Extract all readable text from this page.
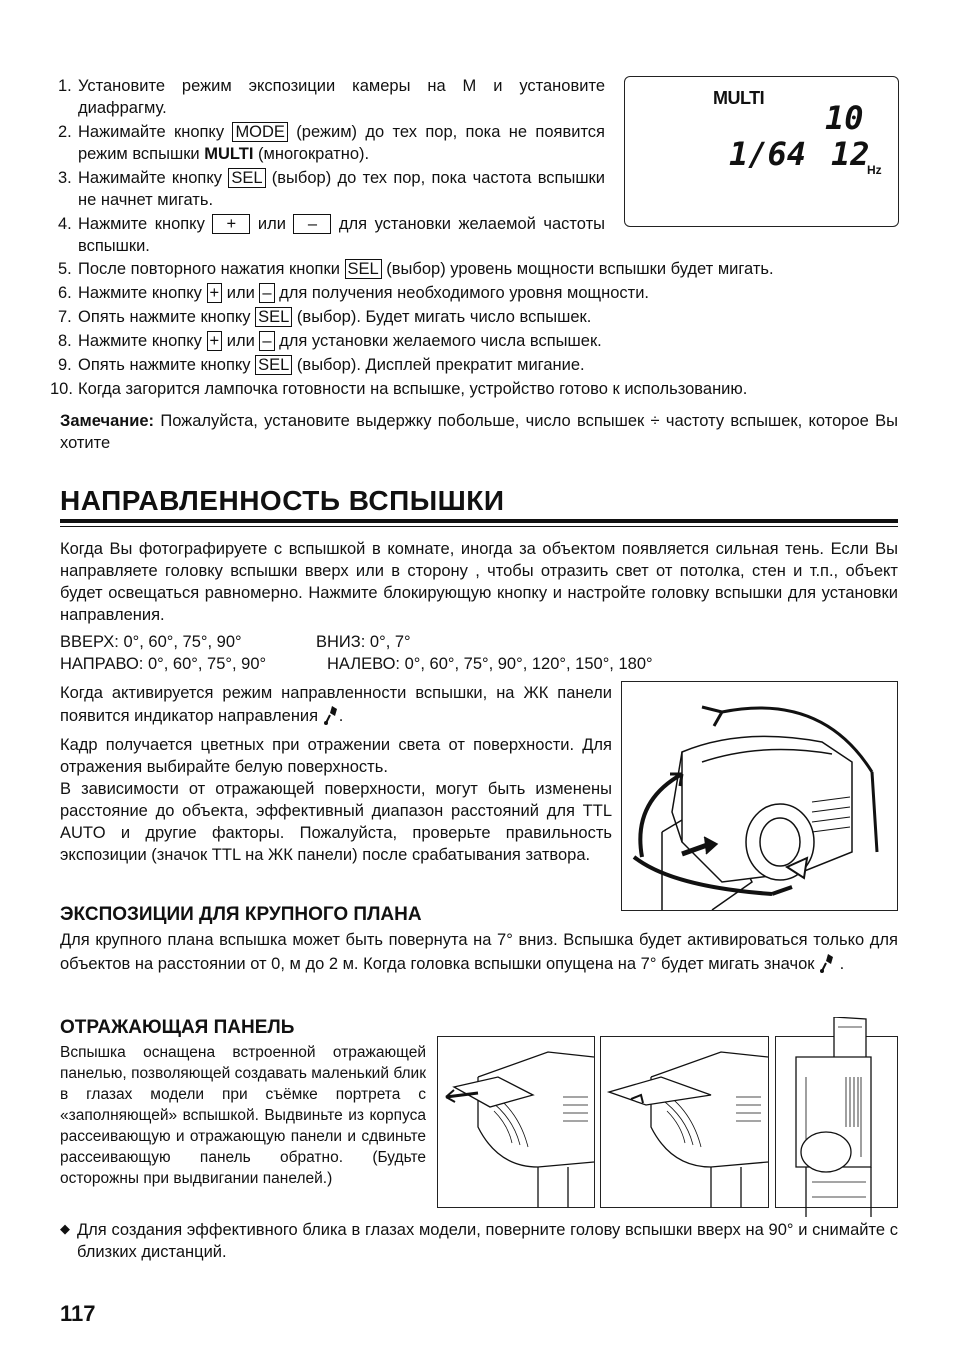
1. Установите режим экспозиции камеры на М и установите диафрагму.
2. Нажимайте кнопку MODE (режим) до тех пор, пока не появится режим вспышки MULTI (многократно).
3. Нажимайте кнопку SEL (выбор) до тех пор, пока частота вспышки не начнет мигать.
4. Нажмите кнопку + или – для установки желаемой частоты вспышки.
MULTI
10
1/64 12
Hz
5. После повторного нажатия кнопки SEL (выбор) уровень мощности вспышки будет мигать.
6. Нажмите кнопку + или – для получения необходимого уровня мощности.
7. Опять нажмите кнопку SEL (выбор). Будет мигать число вспышек.
8. Нажмите кнопку + или – для установки желаемого числа вспышек.
9. Опять нажмите кнопку SEL (выбор). Дисплей прекратит мигание.
10. Когда загорится лампочка готовности на вспышке, устройство готово к использованию.
Замечание: Пожалуйста, установите выдержку побольше, число вспышек ÷ частоту вспышек, которое Вы хотите
НАПРАВЛЕННОСТЬ ВСПЫШКИ
Когда Вы фотографируете с вспышкой в комнате, иногда за объектом появляется сильная тень. Если Вы направляете головку вспышки вверх или в сторону , чтобы отразить свет от потолка, стен и т.п., объект будет освещаться равномерно. Нажмите блокирующую кнопку и настройте головку вспышки для установки направления.
ВВЕРХ: 0°, 60°, 75°, 90°	ВНИЗ: 0°, 7°
НАПРАВО: 0°, 60°, 75°, 90°	НАЛЕВО: 0°, 60°, 75°, 90°, 120°, 150°, 180°
Когда активируется режим направленности вспышки, на ЖК панели появится индикатор направления .
Кадр получается цветных при отражении света от поверхности. Для отражения выбирайте белую поверхность.
В зависимости от отражающей поверхности, могут быть изменены расстояние до объекта, эффективный диапазон расстояний для TTL AUTO и другие факторы. Пожалуйста, проверьте правильность экспозиции (значок TTL на ЖК панели) после срабатывания затвора.
ЭКСПОЗИЦИИ ДЛЯ КРУПНОГО ПЛАНА
Для крупного плана вспышка может быть повернута на 7° вниз. Вспышка будет активироваться только для объектов на расстоянии от 0, м до 2 м. Когда головка вспышки опущена на 7° будет мигать значок  .
ОТРАЖАЮЩАЯ ПАНЕЛЬ
Вспышка оснащена встроенной отражающей панелью, позволяющей создавать маленький блик в глазах модели при съёмке портрета с «заполняющей» вспышкой. Выдвиньте из корпуса рассеивающую и отражающую панели и сдвиньте рассеивающую панель обратно. (Будьте осторожны при выдвигании панелей.)
◆ Для создания эффективного блика в глазах модели, поверните голову вспышки вверх на 90° и снимайте с близких дистанций.
117
